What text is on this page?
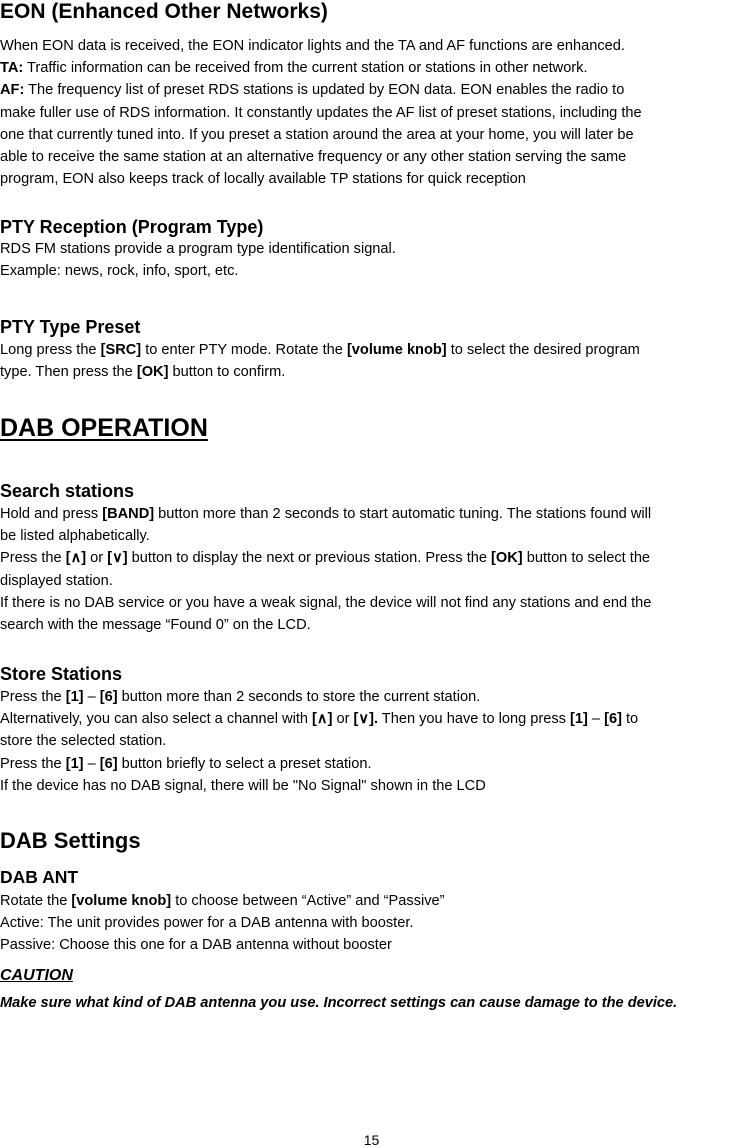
EON (Enhanced Other Networks)

When EON data is received, the EON indicator lights and the TA and AF functions are enhanced.

TA: Traffic information can be received from the current station or stations in other network.

AF: The frequency list of preset RDS stations is updated by EON data. EON enables the radio to

make fuller use of RDS information. It constantly updates the AF list of preset stations, including the

one that currently tuned into. If you preset a station around the area at your home, you will later be

able to receive the same station at an alternative frequency or any other station serving the same

program, EON also keeps track of locally available TP stations for quick reception

PTY Reception (Program Type)

RDS FM stations provide a program type identification signal.

Example: news, rock, info, sport, etc.

PTY Type Preset

Long press the [SRC] to enter PTY mode. Rotate the [volume knob] to select the desired program

type. Then press the [OK] button to confirm.

DAB OPERATION
Search stations

Hold and press [BAND] button more than 2 seconds to start automatic tuning. The stations found will

be listed alphabetically.

Press the [∧] or [∨] button to display the next or previous station. Press the [OK] button to select the

displayed station.

If there is no DAB service or you have a weak signal, the device will not find any stations and end the

search with the message “Found 0” on the LCD.

Store Stations

Press the [1] – [6] button more than 2 seconds to store the current station.

Alternatively, you can also select a channel with [∧] or [∨]. Then you have to long press [1] – [6] to

store the selected station.

Press the [1] – [6] button briefly to select a preset station.

If the device has no DAB signal, there will be "No Signal" shown in the LCD

DAB Settings
DAB ANT

Rotate the [volume knob] to choose between “Active” and “Passive”

Active: The unit provides power for a DAB antenna with booster.

Passive: Choose this one for a DAB antenna without booster

CAUTION

Make sure what kind of DAB antenna you use. Incorrect settings can cause damage to the device.

15
